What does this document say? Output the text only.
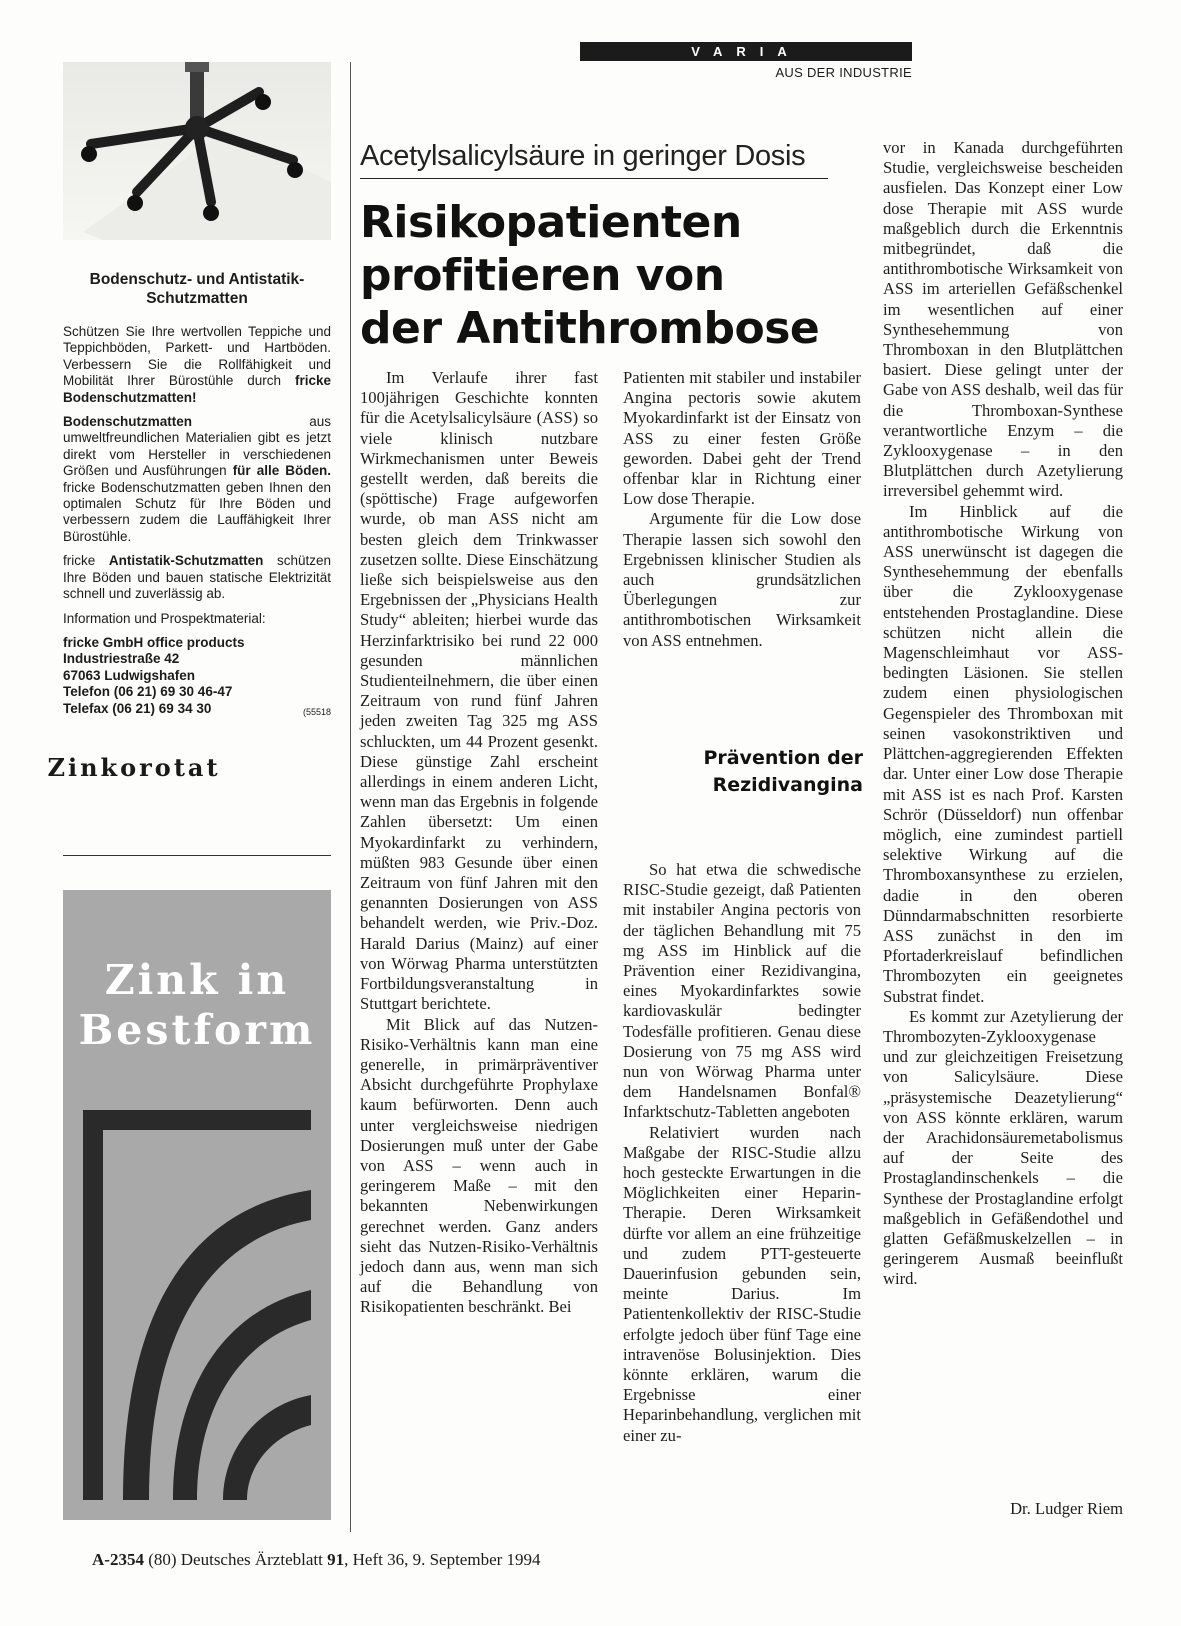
VARIA
AUS DER INDUSTRIE
Bodenschutz- und Antistatik-Schutzmatten

Schützen Sie Ihre wertvollen Teppiche und Teppichböden, Parkett- und Hartböden. Verbessern Sie die Rollfähigkeit und Mobilität Ihrer Bürostühle durch fricke Bodenschutzmatten!

Bodenschutzmatten	aus umweltfreundlichen Materialien gibt es jetzt direkt vom Hersteller in verschiedenen Größen und Ausführungen für alle Böden. fricke Bodenschutzmatten geben Ihnen den optimalen Schutz für Ihre Böden und verbessern zudem die Lauffähigkeit Ihrer Bürostühle.

fricke Antistatik-Schutzmatten schützen Ihre Böden und bauen statische Elektrizität schnell und zuverlässig ab.

Information und Prospektmaterial:

fricke GmbH office products
Industriestraße 42
67063 Ludwigshafen
Telefon (06 21) 69 30 46-47
Telefax (06 21) 69 34 30	(55518
Zink in
Bestform
Zinkorotat
Acetylsalicylsäure in geringer Dosis
Risikopatienten
profitieren von
der Antithrombose

Im Verlaufe ihrer fast 100jährigen Geschichte konnten für die Acetylsalicylsäure (ASS) so viele klinisch nutzbare Wirkmechanismen unter Beweis gestellt werden, daß bereits die (spöttische) Frage aufgeworfen wurde, ob man ASS nicht am besten gleich dem Trinkwasser zusetzen sollte. Diese Einschätzung ließe sich beispielsweise aus den Ergebnissen der „Physicians Health Study“ ableiten; hierbei wurde das Herzinfarktrisiko bei rund 22 000 gesunden männlichen Studienteilnehmern, die über einen Zeitraum von rund fünf Jahren jeden zweiten Tag 325 mg ASS schluckten, um 44 Prozent gesenkt. Diese günstige Zahl erscheint allerdings in einem anderen Licht, wenn man das Ergebnis in folgende Zahlen übersetzt: Um einen Myokardinfarkt zu verhindern, müßten 983 Gesunde über einen Zeitraum von fünf Jahren mit den genannten Dosierungen von ASS behandelt werden, wie Priv.-Doz. Harald Darius (Mainz) auf einer von Wörwag Pharma unterstützten Fortbildungsveranstaltung in Stuttgart berichtete.

Mit Blick auf das Nutzen-Risiko-Verhältnis kann man eine generelle, in primärpräventiver Absicht durchgeführte Prophylaxe kaum befürworten. Denn auch unter vergleichsweise niedrigen Dosierungen muß unter der Gabe von ASS – wenn auch in geringerem Maße – mit den bekannten Nebenwirkungen gerechnet werden. Ganz anders sieht das Nutzen-Risiko-Verhältnis jedoch dann aus, wenn man sich auf die Behandlung von Risikopatienten beschränkt. Bei

Patienten mit stabiler und instabiler Angina pectoris sowie akutem Myokardinfarkt ist der Einsatz von ASS zu einer festen Größe geworden. Dabei geht der Trend offenbar klar in Richtung einer Low dose Therapie.

Argumente für die Low dose Therapie lassen sich sowohl den Ergebnissen klinischer Studien als auch grundsätzlichen Überlegungen zur antithrombotischen Wirksamkeit von ASS entnehmen.

Prävention der
Rezidivangina

So hat etwa die schwedische RISC-Studie gezeigt, daß Patienten mit instabiler Angina pectoris von der täglichen Behandlung mit 75 mg ASS im Hinblick auf die Prävention einer Rezidivangina, eines Myokardinfarktes sowie kardiovaskulär bedingter Todesfälle profitieren. Genau diese Dosierung von 75 mg ASS wird nun von Wörwag Pharma unter dem Handelsnamen Bonfal® Infarktschutz-Tabletten angeboten

Relativiert wurden nach Maßgabe der RISC-Studie allzu hoch gesteckte Erwartungen in die Möglichkeiten einer Heparin-Therapie. Deren Wirksamkeit dürfte vor allem an eine frühzeitige und zudem PTT-gesteuerte Dauerinfusion gebunden sein, meinte Darius. Im Patientenkollektiv der RISC-Studie erfolgte jedoch über fünf Tage eine intravenöse Bolusinjektion. Dies könnte erklären, warum die Ergebnisse einer Heparinbehandlung, verglichen mit einer zu-

vor in Kanada durchgeführten Studie, vergleichsweise bescheiden ausfielen. Das Konzept einer Low dose Therapie mit ASS wurde maßgeblich durch die Erkenntnis mitbegründet, daß die antithrombotische Wirksamkeit von ASS im arteriellen Gefäßschenkel im wesentlichen auf einer Synthesehemmung von Thromboxan in den Blutplättchen basiert. Diese gelingt unter der Gabe von ASS deshalb, weil das für die Thromboxan-Synthese verantwortliche Enzym – die Zyklooxygenase – in den Blutplättchen durch Azetylierung irreversibel gehemmt wird.

Im Hinblick auf die antithrombotische Wirkung von ASS unerwünscht ist dagegen die Synthesehemmung der ebenfalls über die Zyklooxygenase entstehenden Prostaglandine. Diese schützen nicht allein die Magenschleimhaut vor ASS-bedingten Läsionen. Sie stellen zudem einen physiologischen Gegenspieler des Thromboxan mit seinen vasokonstriktiven und Plättchen-aggregierenden Effekten dar. Unter einer Low dose Therapie mit ASS ist es nach Prof. Karsten Schrör (Düsseldorf) nun offenbar möglich, eine zumindest partiell selektive Wirkung auf die Thromboxansynthese zu erzielen, dadie in den oberen Dünndarmabschnitten resorbierte ASS zunächst in den im Pfortaderkreislauf befindlichen Thrombozyten ein geeignetes Substrat findet.

Es kommt zur Azetylierung der Thrombozyten-Zyklooxygenase und zur gleichzeitigen Freisetzung von Salicylsäure. Diese „präsystemische Deazetylierung“ von ASS könnte erklären, warum der Arachidonsäuremetabolismus auf der Seite des Prostaglandinschenkels – die Synthese der Prostaglandine erfolgt maßgeblich in Gefäßendothel und glatten Gefäßmuskelzellen – in geringerem Ausmaß beeinflußt wird.

Dr. Ludger Riem
A-2354 (80) Deutsches Ärzteblatt 91, Heft 36, 9. September 1994
